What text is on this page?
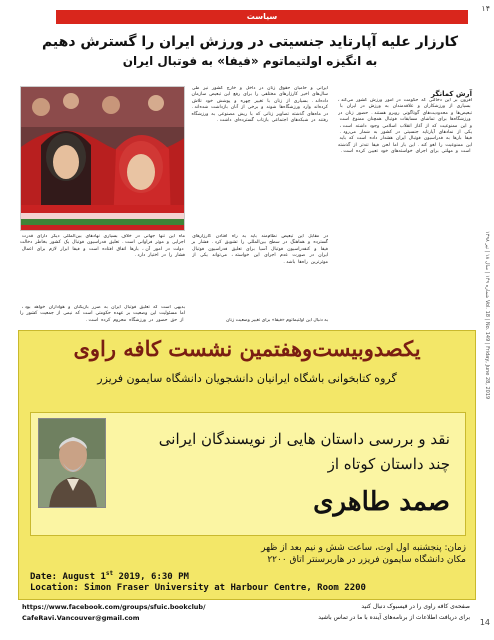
۱۴
شماره ۱۴۹ | سال ۱۸ | تیر ۱۳۹۸ Vol. 18 | No. 149 | Friday, June 28, 2019
سیاست
کارزار علیه آپارتاید جنسیتی در ورزش ایران را گسترش دهیم
به انگیزه اولتیماتوم «فیفا» به فوتبال ایران
آرش کمانگر
افزون ‌ بر ‌ این ‌ دخالتی ‌ که ‌ حکومت ‌ در ‌ امور ‌ ورزش ‌ کشور ‌ می‌کند ، ‌ بسیاری ‌ از ‌ ورزشکاران ‌ و ‌ علاقه‌مندان ‌ به ‌ ورزش ‌ در ‌ ایران ‌ با ‌ تبعیض‌ها ‌ و ‌ محدودیت‌های ‌ گوناگونی ‌ روبرو ‌ هستند . ‌ حضور ‌ زنان ‌ در ‌ ورزشگاه‌ها ‌ برای ‌ تماشای ‌ مسابقات ‌ فوتبال ‌ همچنان ‌ ممنوع ‌ است ‌ و ‌ این ‌ ممنوعیت ‌ که ‌ از ‌ آغاز ‌ انقلاب ‌ اسلامی ‌ وجود ‌ داشته ‌ است ، ‌ یکی ‌ از ‌ نمادهای ‌ آپارتاید ‌ جنسیتی ‌ در ‌ کشور ‌ به ‌ شمار ‌ می‌رود . ‌ فیفا ‌ بارها ‌ به ‌ فدراسیون ‌ فوتبال ‌ ایران ‌ هشدار ‌ داده ‌ است ‌ که ‌ باید ‌ این ‌ ممنوعیت ‌ را ‌ لغو ‌ کند . ‌ این ‌ بار ‌ اما ‌ لحن ‌ فیفا ‌ تندتر ‌ از ‌ گذشته ‌ است ‌ و ‌ مهلتی ‌ برای ‌ اجرای ‌ خواسته‌های ‌ خود ‌ تعیین ‌ کرده ‌ است .
ایرانی ‌ و ‌ حامیان ‌ حقوق ‌ زنان ‌ در ‌ داخل ‌ و ‌ خارج ‌ کشور ‌ نیز ‌ طی ‌ سال‌های ‌ اخیر ‌ کارزارهای ‌ مختلفی ‌ را ‌ برای ‌ رفع ‌ این ‌ تبعیض ‌ سازمان ‌ داده‌اند . ‌ بسیاری ‌ از ‌ زنان ‌ با ‌ تغییر ‌ چهره ‌ و ‌ پوشش ‌ خود ‌ تلاش ‌ کرده‌اند ‌ وارد ‌ ورزشگاه‌ها ‌ شوند ‌ و ‌ برخی ‌ از ‌ آنان ‌ بازداشت ‌ شده‌اند . ‌ در ‌ ماه‌های ‌ گذشته ‌ تصاویر ‌ زنانی ‌ که ‌ با ‌ ریش ‌ مصنوعی ‌ به ‌ ورزشگاه ‌ رفتند ‌ در ‌ شبکه‌های ‌ اجتماعی ‌ بازتاب ‌ گسترده‌ای ‌ داشت .
در ‌ مقابل ‌ این ‌ تبعیض ‌ نظام‌مند ‌ باید ‌ به ‌ راه ‌ افتادن ‌ کارزارهای ‌ گسترده ‌ و ‌ هماهنگ ‌ در ‌ سطح ‌ بین‌المللی ‌ را ‌ تشویق ‌ کرد . ‌ فشار ‌ بر ‌ فیفا ‌ و ‌ کنفدراسیون ‌ فوتبال ‌ آسیا ‌ برای ‌ تعلیق ‌ فدراسیون ‌ فوتبال ‌ ایران ‌ در ‌ صورت ‌ عدم ‌ اجرای ‌ این ‌ خواسته ، ‌ می‌تواند ‌ یکی ‌ از ‌ موثرترین ‌ راه‌ها ‌ باشد .
ماه ‌ این ‌ تنها ‌ جهانی ‌ در ‌ خلاف ‌ بسیاری ‌ نهادهای ‌ بین‌المللی ‌ دیگر ‌ دارای ‌ قدرت ‌ اجرایی ‌ و ‌ موثر ‌ فراوانی ‌ است . ‌ تعلیق ‌ فدراسیون ‌ فوتبال ‌ یک ‌ کشور ‌ بخاطر ‌ دخالت ‌ دولت ‌ در ‌ امور ‌ آن ، ‌ بارها ‌ اتفاق ‌ افتاده ‌ است ‌ و ‌ فیفا ‌ ابزار ‌ لازم ‌ برای ‌ اعمال ‌ فشار ‌ را ‌ در ‌ اختیار ‌ دارد .
بدیهی ‌ است ‌ که ‌ تعلیق ‌ فوتبال ‌ ایران ‌ به ‌ ضرر ‌ بازیکنان ‌ و ‌ هواداران ‌ خواهد ‌ بود ، ‌ اما ‌ مسئولیت ‌ این ‌ وضعیت ‌ بر ‌ عهده ‌ حکومتی ‌ است ‌ که ‌ نیمی ‌ از ‌ جمعیت ‌ کشور ‌ را ‌ از ‌ حق ‌ حضور ‌ در ‌ ورزشگاه ‌ محروم ‌ کرده ‌ است .	به دنبال این اولتیماتوم «فیفا» برای تغییر وضعیت زنان
یکصدوبیست‌وهفتمین نشست کافه راوی
گروه کتابخوانی باشگاه ایرانیان دانشجویان دانشگاه سایمون فریزر
نقد و بررسی داستان هایی از نویسندگان ایرانی
چند داستان کوتاه از
صمد طاهری
زمان: پنجشنبه اول اوت، ساعت شش و نیم بعد از ظهر
مکان دانشگاه سایمون فریزر در هاربرسنتر اتاق ۲۲۰۰
Date: August 1st 2019, 6:30 PM
Location: Simon Fraser University at Harbour Centre, Room 2200
https://www.facebook.com/groups/sfuic.bookclub/
CafeRavi.Vancouver@gmail.com
صفحه‌ی کافه راوی را در فیسبوک دنبال کنید
برای دریافت اطلاعات از برنامه‌های آینده با ما در تماس باشید
14
